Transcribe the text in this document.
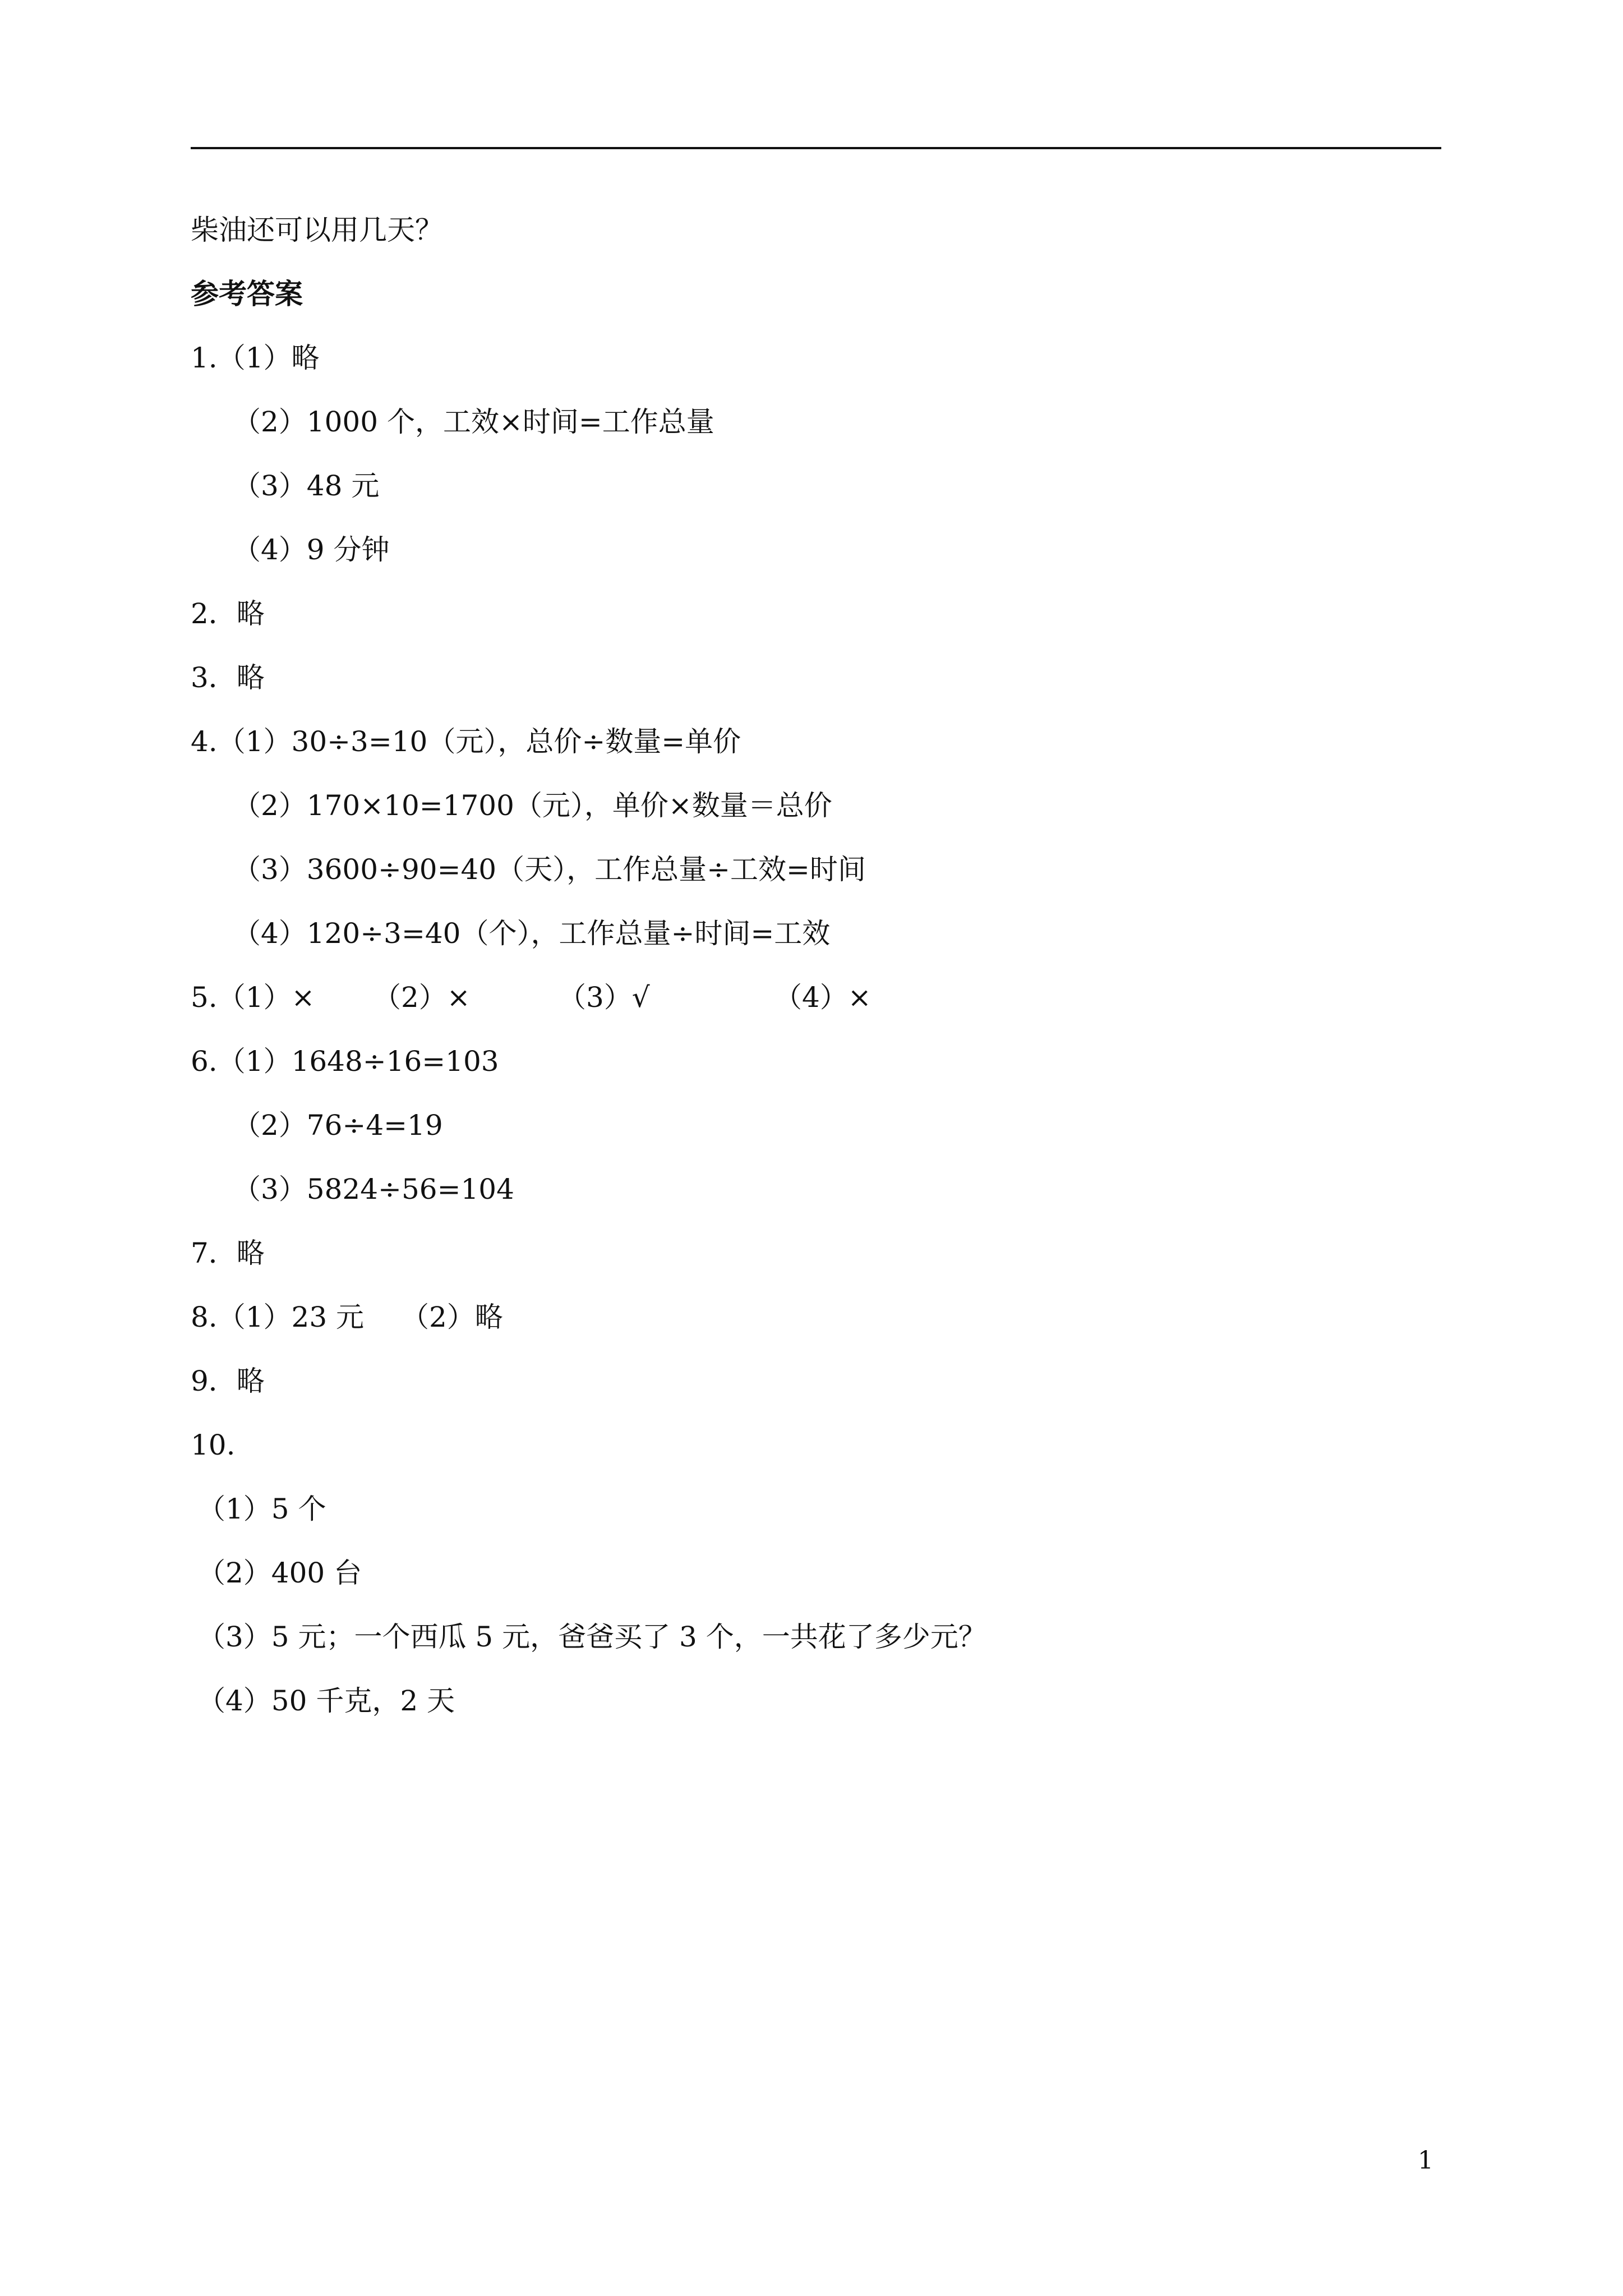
柴油还可以用几天？
参考答案
1.（1）略
（2）1000 个，工效×时间=工作总量
（3）48 元
（4）9 分钟
2．略
3．略
4.（1）30÷3=10（元），总价÷数量=单价
（2）170×10=1700（元），单价×数量＝总价
（3）3600÷90=40（天），工作总量÷工效=时间
（4）120÷3=40（个），工作总量÷时间=工效

5.（1）×

（2）×

	（3）√

	（4）×

6.（1）1648÷16=103
（2）76÷4=19
（3）5824÷56=104
7．略

8.（1）23 元

（2）略

9．略
10.
（1）5 个
（2）400 台
（3）5 元；一个西瓜 5 元，爸爸买了 3 个，一共花了多少元？
（4）50 千克，2 天
1
